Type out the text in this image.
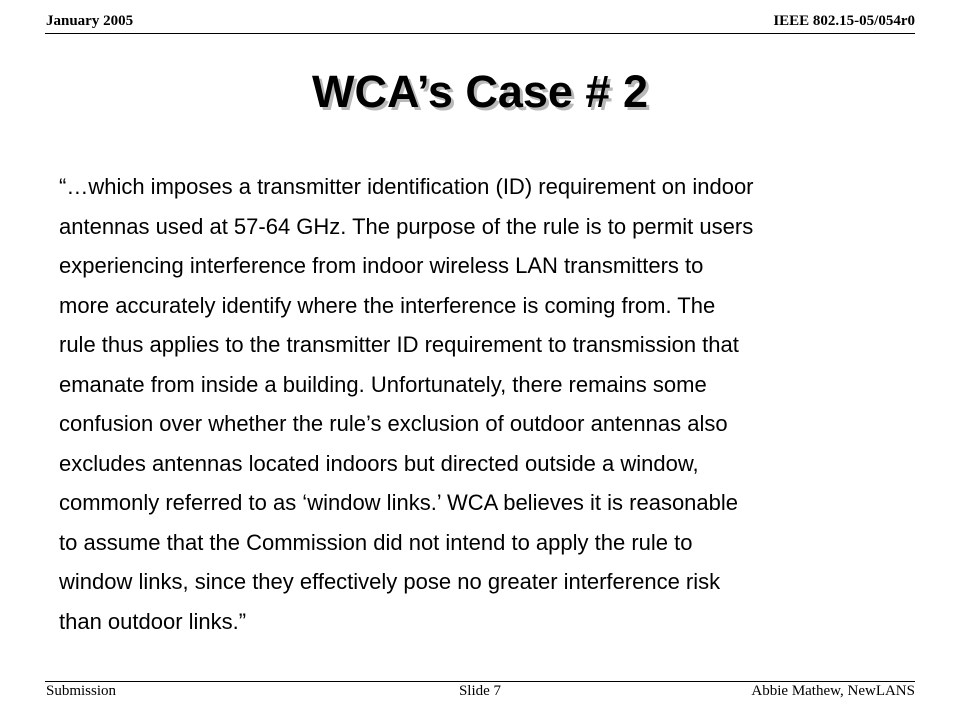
January 2005	IEEE 802.15-05/054r0
WCA’s Case # 2
“…which imposes a transmitter identification (ID) requirement on indoor
antennas used at 57-64 GHz. The purpose of the rule is to permit users
experiencing interference from indoor wireless LAN transmitters to
more accurately identify where the interference is coming from. The
rule thus applies to the transmitter ID requirement to transmission that
emanate from inside a building. Unfortunately, there remains some
confusion over whether the rule’s exclusion of outdoor antennas also
excludes antennas located indoors but directed outside a window,
commonly referred to as ‘window links.’ WCA believes it is reasonable
to assume that the Commission did not intend to apply the rule to
window links, since they effectively pose no greater interference risk
than outdoor links.”
Submission	Slide 7	Abbie Mathew, NewLANS
